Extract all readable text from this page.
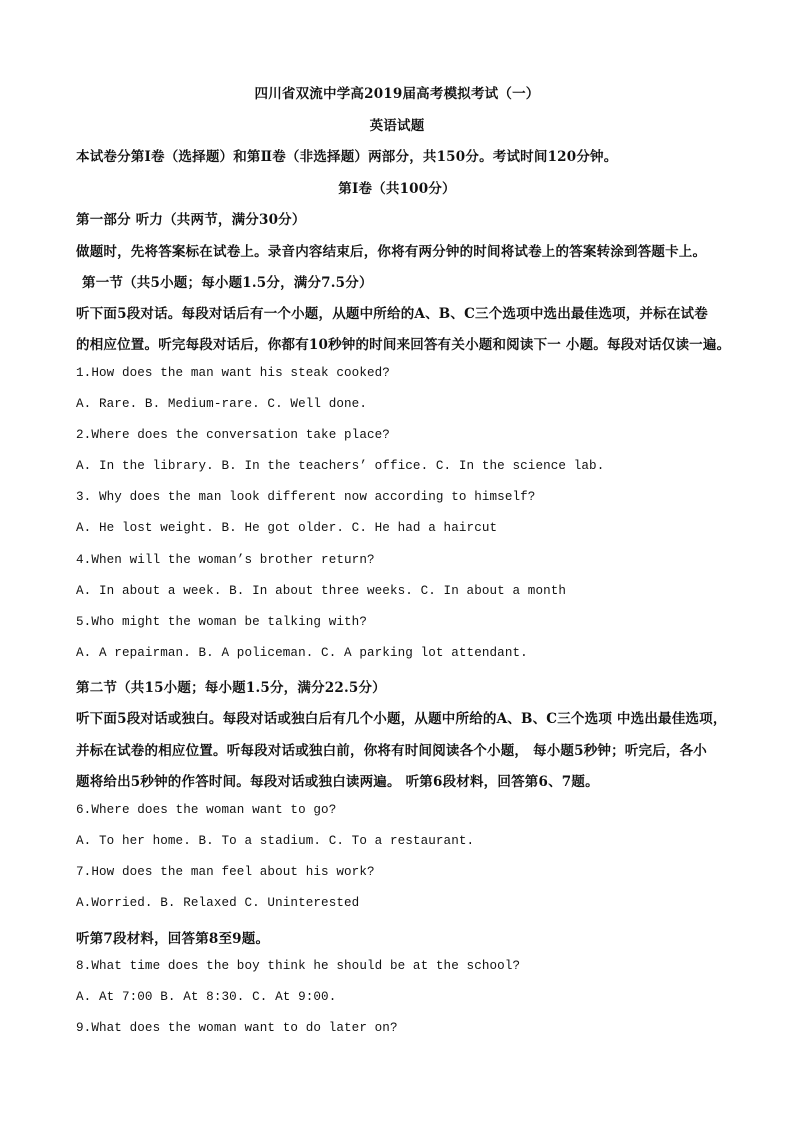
四川省双流中学高2019届高考模拟考试（一）
英语试题
本试卷分第Ⅰ卷（选择题）和第Ⅱ卷（非选择题）两部分，共150分。考试时间120分钟。
第Ⅰ卷（共100分）
第一部分 听力（共两节，满分30分）
做题时，先将答案标在试卷上。录音内容结束后，你将有两分钟的时间将试卷上的答案转涂到答题卡上。
第一节（共5小题；每小题1.5分，满分7.5分）
听下面5段对话。每段对话后有一个小题，从题中所给的A、B、C三个选项中选出最佳选项，并标在试卷
的相应位置。听完每段对话后，你都有10秒钟的时间来回答有关小题和阅读下一 小题。每段对话仅读一遍。
1.How does the man want his steak cooked?
A. Rare. B. Medium-rare. C. Well done.
2.Where does the conversation take place?
A. In the library. B. In the teachers’ office. C. In the science lab.
3. Why does the man look different now according to himself?
A. He lost weight. B. He got older. C. He had a haircut
4.When will the woman’s brother return?
A. In about a week. B. In about three weeks. C. In about a month
5.Who might the woman be talking with?
A. A repairman. B. A policeman. C. A parking lot attendant.
第二节（共15小题；每小题1.5分，满分22.5分）
听下面5段对话或独白。每段对话或独白后有几个小题，从题中所给的A、B、C三个选项 中选出最佳选项，
并标在试卷的相应位置。听每段对话或独白前，你将有时间阅读各个小题， 每小题5秒钟；听完后，各小
题将给出5秒钟的作答时间。每段对话或独白读两遍。 听第6段材料，回答第6、7题。
6.Where does the woman want to go?
A. To her home. B. To a stadium. C. To a restaurant.
7.How does the man feel about his work?
A.Worried. B. Relaxed C. Uninterested
听第7段材料，回答第8至9题。
8.What time does the boy think he should be at the school?
A. At 7:00 B. At 8:30. C. At 9:00.
9.What does the woman want to do later on?
